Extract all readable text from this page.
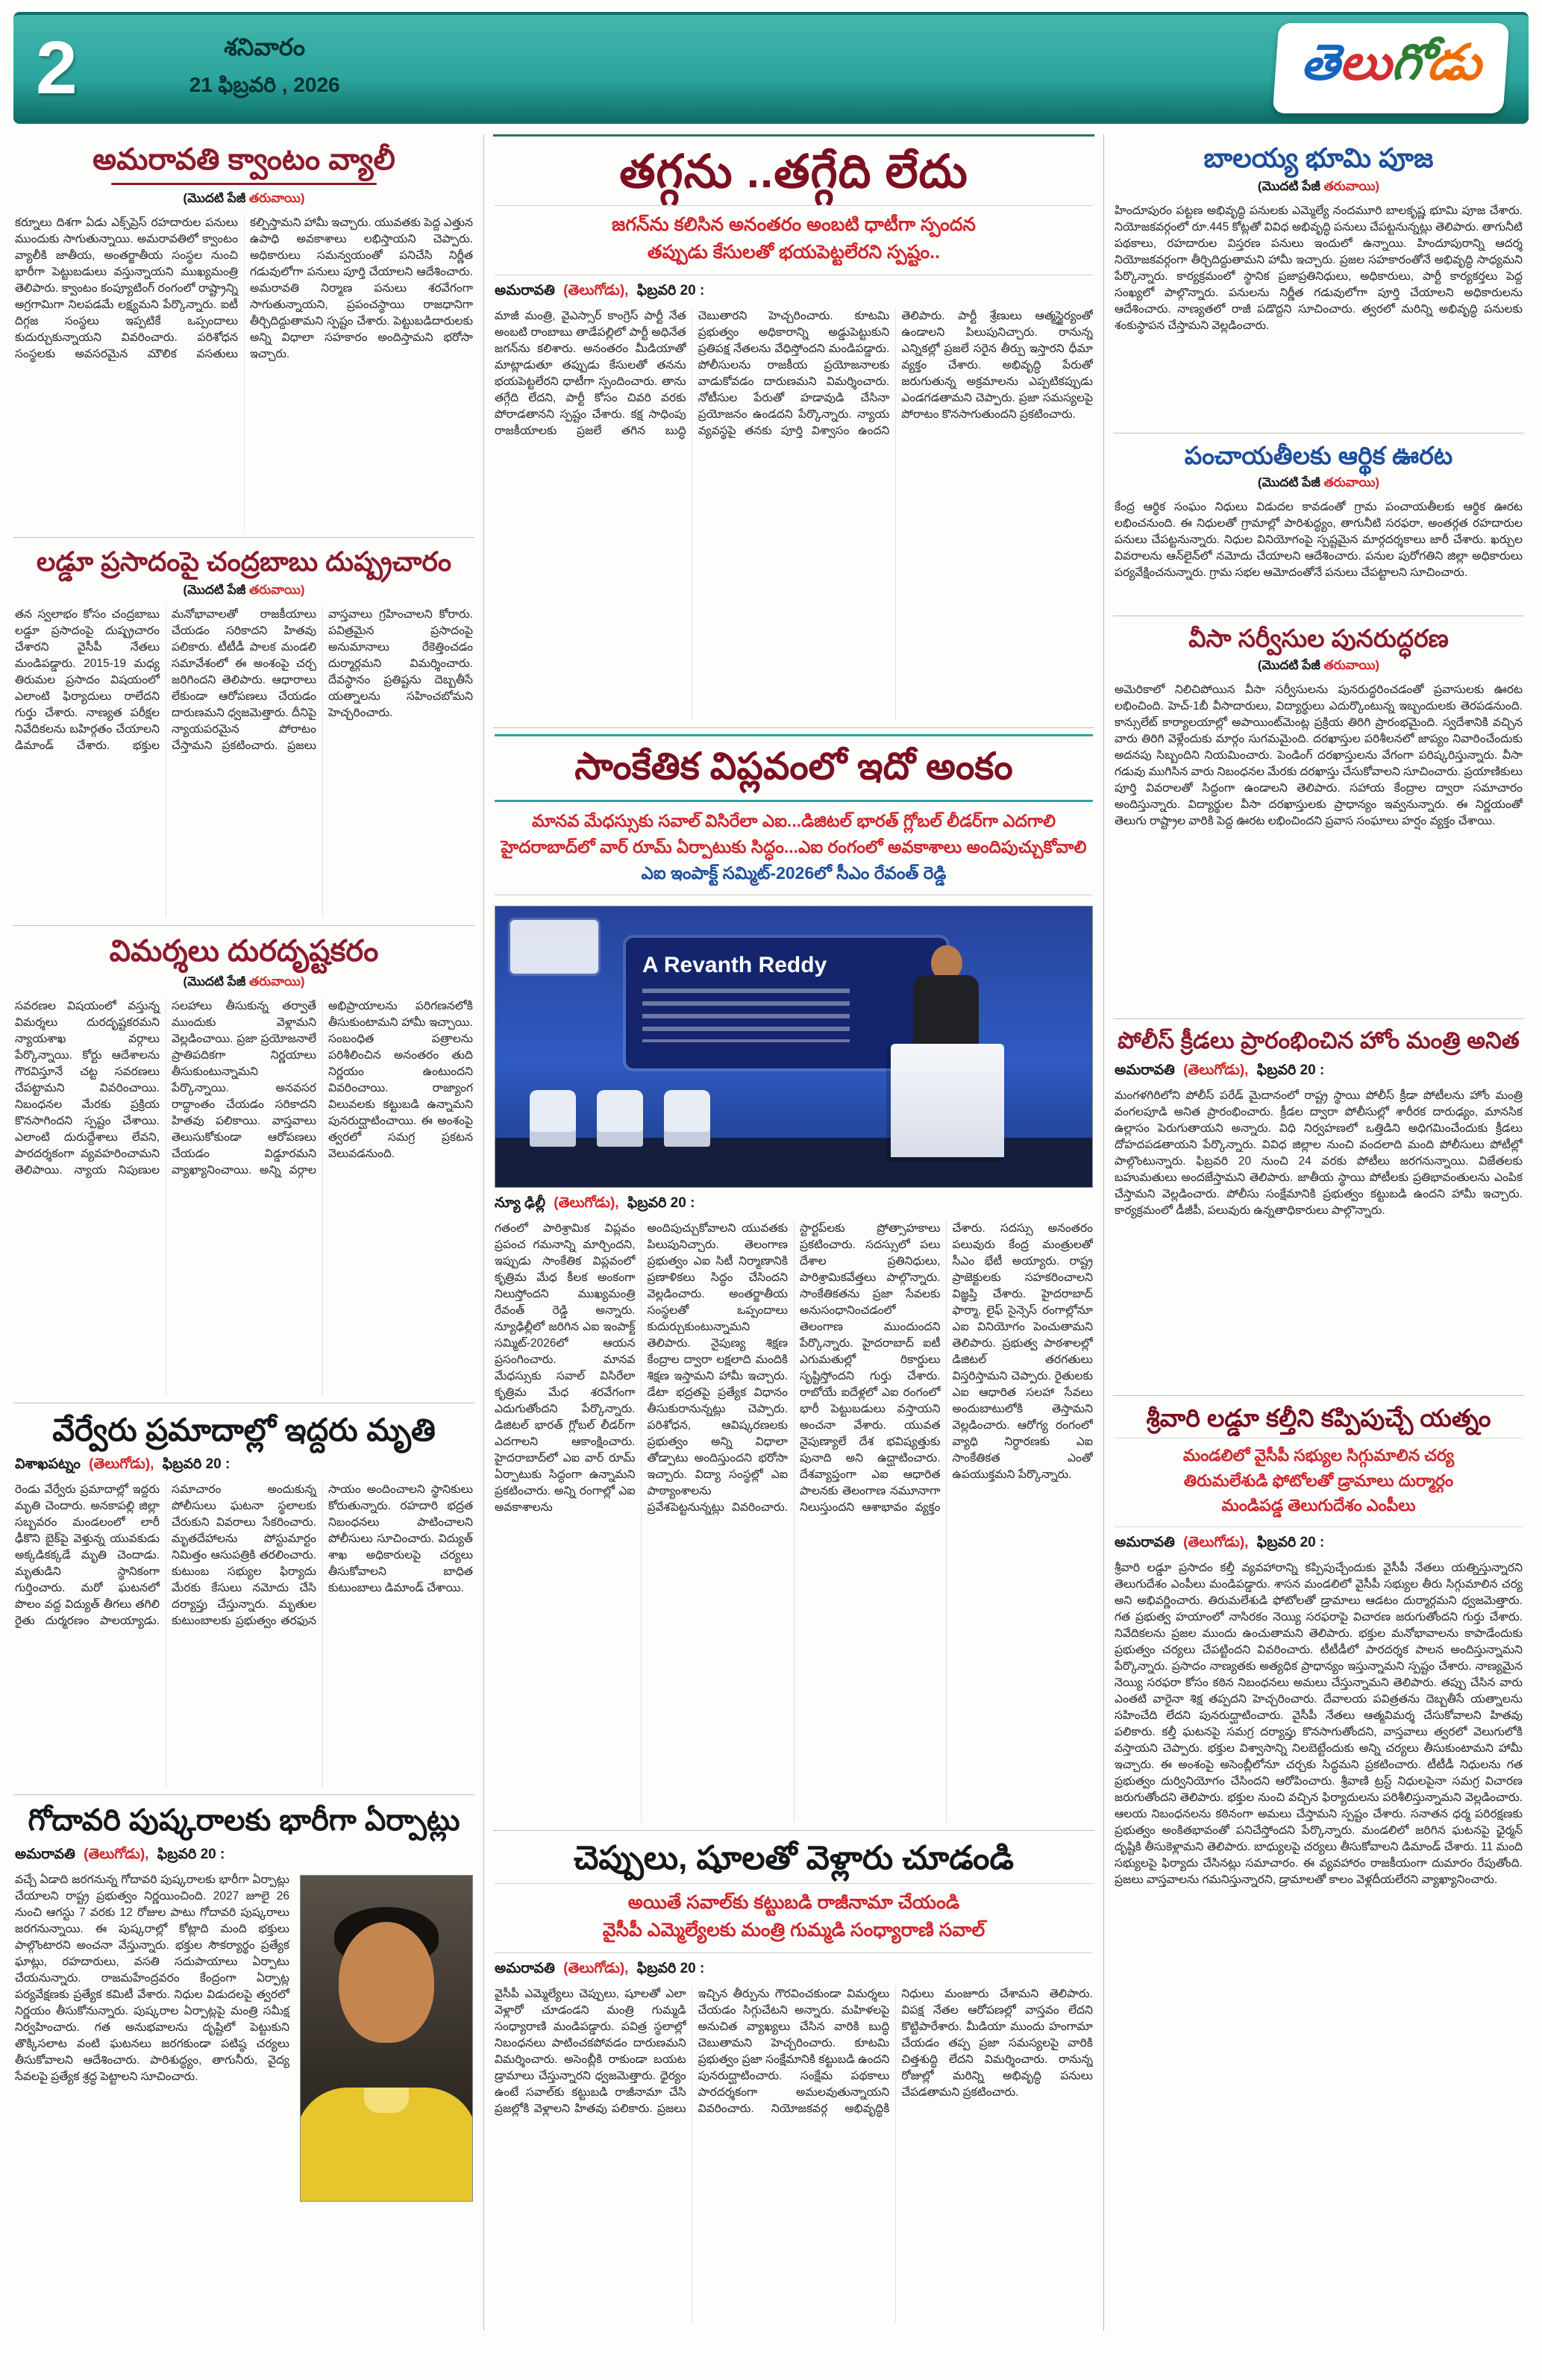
2	శనివారం
21 ఫిబ్రవరి , 2026	తెలుగోడు
అమరావతి క్వాంటం వ్యాలీ
(మొదటి పేజీ తరువాయి)
కర్నూలు దిశగా ఏడు ఎక్స్‌ప్రెస్ రహదారుల పనులు ముందుకు సాగుతున్నాయి. అమరావతిలో క్వాంటం వ్యాలీకి జాతీయ, అంతర్జాతీయ సంస్థల నుంచి భారీగా పెట్టుబడులు వస్తున్నాయని ముఖ్యమంత్రి తెలిపారు. క్వాంటం కంప్యూటింగ్ రంగంలో రాష్ట్రాన్ని అగ్రగామిగా నిలపడమే లక్ష్యమని పేర్కొన్నారు. ఐటీ దిగ్గజ సంస్థలు ఇప్పటికే ఒప్పందాలు కుదుర్చుకున్నాయని వివరించారు. పరిశోధన సంస్థలకు అవసరమైన మౌలిక వసతులు కల్పిస్తామని హామీ ఇచ్చారు. యువతకు పెద్ద ఎత్తున ఉపాధి అవకాశాలు లభిస్తాయని చెప్పారు. అధికారులు సమన్వయంతో పనిచేసి నిర్ణీత గడువులోగా పనులు పూర్తి చేయాలని ఆదేశించారు. అమరావతి నిర్మాణ పనులు శరవేగంగా సాగుతున్నాయని, ప్రపంచస్థాయి రాజధానిగా తీర్చిదిద్దుతామని స్పష్టం చేశారు. పెట్టుబడిదారులకు అన్ని విధాలా సహకారం అందిస్తామని భరోసా ఇచ్చారు.
లడ్డూ ప్రసాదంపై చంద్రబాబు దుష్ప్రచారం
(మొదటి పేజీ తరువాయి)
తన స్వలాభం కోసం చంద్రబాబు లడ్డూ ప్రసాదంపై దుష్ప్రచారం చేశారని వైసీపీ నేతలు మండిపడ్డారు. 2015-19 మధ్య తిరుమల ప్రసాదం విషయంలో ఎలాంటి ఫిర్యాదులు రాలేదని గుర్తు చేశారు. నాణ్యత పరీక్షల నివేదికలను బహిర్గతం చేయాలని డిమాండ్ చేశారు. భక్తుల మనోభావాలతో రాజకీయాలు చేయడం సరికాదని హితవు పలికారు. టీటీడీ పాలక మండలి సమావేశంలో ఈ అంశంపై చర్చ జరిగిందని తెలిపారు. ఆధారాలు లేకుండా ఆరోపణలు చేయడం దారుణమని ధ్వజమెత్తారు. దీనిపై న్యాయపరమైన పోరాటం చేస్తామని ప్రకటించారు. ప్రజలు వాస్తవాలు గ్రహించాలని కోరారు. పవిత్రమైన ప్రసాదంపై అనుమానాలు రేకెత్తించడం దుర్మార్గమని విమర్శించారు. దేవస్థానం ప్రతిష్టను దెబ్బతీసే యత్నాలను సహించబోమని హెచ్చరించారు.
విమర్శలు దురదృష్టకరం
(మొదటి పేజీ తరువాయి)
సవరణల విషయంలో వస్తున్న విమర్శలు దురదృష్టకరమని న్యాయశాఖ వర్గాలు పేర్కొన్నాయి. కోర్టు ఆదేశాలను గౌరవిస్తూనే చట్ట సవరణలు చేపట్టామని వివరించాయి. నిబంధనల మేరకు ప్రక్రియ కొనసాగిందని స్పష్టం చేశాయి. ఎలాంటి దురుద్దేశాలు లేవని, పారదర్శకంగా వ్యవహరించామని తెలిపాయి. న్యాయ నిపుణుల సలహాలు తీసుకున్న తర్వాతే ముందుకు వెళ్లామని వెల్లడించాయి. ప్రజా ప్రయోజనాలే ప్రాతిపదికగా నిర్ణయాలు తీసుకుంటున్నామని పేర్కొన్నాయి. అనవసర రాద్ధాంతం చేయడం సరికాదని హితవు పలికాయి. వాస్తవాలు తెలుసుకోకుండా ఆరోపణలు చేయడం విడ్డూరమని వ్యాఖ్యానించాయి. అన్ని వర్గాల అభిప్రాయాలను పరిగణనలోకి తీసుకుంటామని హామీ ఇచ్చాయి. సంబంధిత పత్రాలను పరిశీలించిన అనంతరం తుది నిర్ణయం ఉంటుందని వివరించాయి. రాజ్యాంగ విలువలకు కట్టుబడి ఉన్నామని పునరుద్ఘాటించాయి. ఈ అంశంపై త్వరలో సమగ్ర ప్రకటన వెలువడనుంది.
వేర్వేరు ప్రమాదాల్లో ఇద్దరు మృతి
విశాఖపట్నం (తెలుగోడు), ఫిబ్రవరి 20 :
రెండు వేర్వేరు ప్రమాదాల్లో ఇద్దరు మృతి చెందారు. అనకాపల్లి జిల్లా సబ్బవరం మండలంలో లారీ ఢీకొని బైక్‌పై వెళ్తున్న యువకుడు అక్కడికక్కడే మృతి చెందాడు. మృతుడిని స్థానికంగా గుర్తించారు. మరో ఘటనలో పొలం వద్ద విద్యుత్ తీగలు తగిలి రైతు దుర్మరణం పాలయ్యాడు. సమాచారం అందుకున్న పోలీసులు ఘటనా స్థలాలకు చేరుకుని వివరాలు సేకరించారు. మృతదేహాలను పోస్టుమార్టం నిమిత్తం ఆసుపత్రికి తరలించారు. కుటుంబ సభ్యుల ఫిర్యాదు మేరకు కేసులు నమోదు చేసి దర్యాప్తు చేస్తున్నారు. మృతుల కుటుంబాలకు ప్రభుత్వం తరఫున సాయం అందించాలని స్థానికులు కోరుతున్నారు. రహదారి భద్రత నిబంధనలు పాటించాలని పోలీసులు సూచించారు. విద్యుత్ శాఖ అధికారులపై చర్యలు తీసుకోవాలని బాధిత కుటుంబాలు డిమాండ్ చేశాయి.
గోదావరి పుష్కరాలకు భారీగా ఏర్పాట్లు
అమరావతి (తెలుగోడు), ఫిబ్రవరి 20 :
వచ్చే ఏడాది జరగనున్న గోదావరి పుష్కరాలకు భారీగా ఏర్పాట్లు చేయాలని రాష్ట్ర ప్రభుత్వం నిర్ణయించింది. 2027 జూలై 26 నుంచి ఆగస్టు 7 వరకు 12 రోజుల పాటు గోదావరి పుష్కరాలు జరగనున్నాయి. ఈ పుష్కరాల్లో కోట్లాది మంది భక్తులు పాల్గొంటారని అంచనా వేస్తున్నారు. భక్తుల సౌకర్యార్థం ప్రత్యేక ఘాట్లు, రహదారులు, వసతి సదుపాయాలు ఏర్పాటు చేయనున్నారు. రాజమహేంద్రవరం కేంద్రంగా ఏర్పాట్ల పర్యవేక్షణకు ప్రత్యేక కమిటీ వేశారు. నిధుల విడుదలపై త్వరలో నిర్ణయం తీసుకోనున్నారు. పుష్కరాల ఏర్పాట్లపై మంత్రి సమీక్ష నిర్వహించారు. గత అనుభవాలను దృష్టిలో పెట్టుకుని తొక్కిసలాట వంటి ఘటనలు జరగకుండా పటిష్ఠ చర్యలు తీసుకోవాలని ఆదేశించారు. పారిశుద్ధ్యం, తాగునీరు, వైద్య సేవలపై ప్రత్యేక శ్రద్ధ పెట్టాలని సూచించారు.
తగ్గను ..తగ్గేది లేదు
జగన్‌ను కలిసిన అనంతరం అంబటి ధాటీగా స్పందన
తప్పుడు కేసులతో భయపెట్టలేరని స్పష్టం..
అమరావతి (తెలుగోడు), ఫిబ్రవరి 20 :
మాజీ మంత్రి, వైఎస్సార్ కాంగ్రెస్ పార్టీ నేత అంబటి రాంబాబు తాడేపల్లిలో పార్టీ అధినేత జగన్‌ను కలిశారు. అనంతరం మీడియాతో మాట్లాడుతూ తప్పుడు కేసులతో తనను భయపెట్టలేరని ధాటీగా స్పందించారు. తాను తగ్గేది లేదని, పార్టీ కోసం చివరి వరకు పోరాడతానని స్పష్టం చేశారు. కక్ష సాధింపు రాజకీయాలకు ప్రజలే తగిన బుద్ధి చెబుతారని హెచ్చరించారు. కూటమి ప్రభుత్వం అధికారాన్ని అడ్డుపెట్టుకుని ప్రతిపక్ష నేతలను వేధిస్తోందని మండిపడ్డారు. పోలీసులను రాజకీయ ప్రయోజనాలకు వాడుకోవడం దారుణమని విమర్శించారు. నోటీసుల పేరుతో హడావుడి చేసినా ప్రయోజనం ఉండదని పేర్కొన్నారు. న్యాయ వ్యవస్థపై తనకు పూర్తి విశ్వాసం ఉందని తెలిపారు. పార్టీ శ్రేణులు ఆత్మస్థైర్యంతో ఉండాలని పిలుపునిచ్చారు. రానున్న ఎన్నికల్లో ప్రజలే సరైన తీర్పు ఇస్తారని ధీమా వ్యక్తం చేశారు. అభివృద్ధి పేరుతో జరుగుతున్న అక్రమాలను ఎప్పటికప్పుడు ఎండగడతామని చెప్పారు. ప్రజా సమస్యలపై పోరాటం కొనసాగుతుందని ప్రకటించారు.
సాంకేతిక విప్లవంలో ఇదో అంకం
మానవ మేధస్సుకు సవాల్ విసిరేలా ఎఐ...డిజిటల్ భారత్ గ్లోబల్ లీడర్‌గా ఎదగాలి
హైదరాబాద్‌లో వార్ రూమ్ ఏర్పాటుకు సిద్ధం...ఎఐ రంగంలో అవకాశాలు అందిపుచ్చుకోవాలి
ఎఐ ఇంపాక్ట్ సమ్మిట్-2026లో సీఎం రేవంత్ రెడ్డి
A Revanth Reddy
న్యూ ఢిల్లీ (తెలుగోడు), ఫిబ్రవరి 20 :
గతంలో పారిశ్రామిక విప్లవం ప్రపంచ గమనాన్ని మార్చిందని, ఇప్పుడు సాంకేతిక విప్లవంలో కృత్రిమ మేధ కీలక అంకంగా నిలుస్తోందని ముఖ్యమంత్రి రేవంత్ రెడ్డి అన్నారు. న్యూఢిల్లీలో జరిగిన ఎఐ ఇంపాక్ట్ సమ్మిట్-2026లో ఆయన ప్రసంగించారు. మానవ మేధస్సుకు సవాల్ విసిరేలా కృత్రిమ మేధ శరవేగంగా ఎదుగుతోందని పేర్కొన్నారు. డిజిటల్ భారత్ గ్లోబల్ లీడర్‌గా ఎదగాలని ఆకాంక్షించారు. హైదరాబాద్‌లో ఎఐ వార్ రూమ్ ఏర్పాటుకు సిద్ధంగా ఉన్నామని ప్రకటించారు. అన్ని రంగాల్లో ఎఐ అవకాశాలను అందిపుచ్చుకోవాలని యువతకు పిలుపునిచ్చారు. తెలంగాణ ప్రభుత్వం ఎఐ సిటీ నిర్మాణానికి ప్రణాళికలు సిద్ధం చేసిందని వెల్లడించారు. అంతర్జాతీయ సంస్థలతో ఒప్పందాలు కుదుర్చుకుంటున్నామని తెలిపారు. నైపుణ్య శిక్షణ కేంద్రాల ద్వారా లక్షలాది మందికి శిక్షణ ఇస్తామని హామీ ఇచ్చారు. డేటా భద్రతపై ప్రత్యేక విధానం తీసుకురానున్నట్లు చెప్పారు. పరిశోధన, ఆవిష్కరణలకు ప్రభుత్వం అన్ని విధాలా తోడ్పాటు అందిస్తుందని భరోసా ఇచ్చారు. విద్యా సంస్థల్లో ఎఐ పాఠ్యాంశాలను ప్రవేశపెట్టనున్నట్లు వివరించారు. స్టార్టప్‌లకు ప్రోత్సాహకాలు ప్రకటించారు. సదస్సులో పలు దేశాల ప్రతినిధులు, పారిశ్రామికవేత్తలు పాల్గొన్నారు. సాంకేతికతను ప్రజా సేవలకు అనుసంధానించడంలో తెలంగాణ ముందుందని పేర్కొన్నారు. హైదరాబాద్ ఐటీ ఎగుమతుల్లో రికార్డులు సృష్టిస్తోందని గుర్తు చేశారు. రాబోయే ఐదేళ్లలో ఎఐ రంగంలో భారీ పెట్టుబడులు వస్తాయని అంచనా వేశారు. యువత నైపుణ్యాలే దేశ భవిష్యత్తుకు పునాది అని ఉద్ఘాటించారు. దేశవ్యాప్తంగా ఎఐ ఆధారిత పాలనకు తెలంగాణ నమూనాగా నిలుస్తుందని ఆశాభావం వ్యక్తం చేశారు. సదస్సు అనంతరం పలువురు కేంద్ర మంత్రులతో సీఎం భేటీ అయ్యారు. రాష్ట్ర ప్రాజెక్టులకు సహకరించాలని విజ్ఞప్తి చేశారు. హైదరాబాద్ ఫార్మా, లైఫ్ సైన్సెస్ రంగాల్లోనూ ఎఐ వినియోగం పెంచుతామని తెలిపారు. ప్రభుత్వ పాఠశాలల్లో డిజిటల్ తరగతులు విస్తరిస్తామని చెప్పారు. రైతులకు ఎఐ ఆధారిత సలహా సేవలు అందుబాటులోకి తెస్తామని వెల్లడించారు. ఆరోగ్య రంగంలో వ్యాధి నిర్ధారణకు ఎఐ సాంకేతికత ఎంతో ఉపయుక్తమని పేర్కొన్నారు.
చెప్పులు, షూలతో వెళ్లారు చూడండి
అయితే సవాల్‌కు కట్టుబడి రాజీనామా చేయండి
వైసీపీ ఎమ్మెల్యేలకు మంత్రి గుమ్మడి సంధ్యారాణి సవాల్
అమరావతి (తెలుగోడు), ఫిబ్రవరి 20 :
వైసీపీ ఎమ్మెల్యేలు చెప్పులు, షూలతో ఎలా వెళ్లారో చూడండని మంత్రి గుమ్మడి సంధ్యారాణి మండిపడ్డారు. పవిత్ర స్థలాల్లో నిబంధనలు పాటించకపోవడం దారుణమని విమర్శించారు. అసెంబ్లీకి రాకుండా బయట డ్రామాలు చేస్తున్నారని ధ్వజమెత్తారు. ధైర్యం ఉంటే సవాల్‌కు కట్టుబడి రాజీనామా చేసి ప్రజల్లోకి వెళ్లాలని హితవు పలికారు. ప్రజలు ఇచ్చిన తీర్పును గౌరవించకుండా విమర్శలు చేయడం సిగ్గుచేటని అన్నారు. మహిళలపై అనుచిత వ్యాఖ్యలు చేసిన వారికి బుద్ధి చెబుతామని హెచ్చరించారు. కూటమి ప్రభుత్వం ప్రజా సంక్షేమానికి కట్టుబడి ఉందని పునరుద్ఘాటించారు. సంక్షేమ పథకాలు పారదర్శకంగా అమలవుతున్నాయని వివరించారు. నియోజకవర్గ అభివృద్ధికి నిధులు మంజూరు చేశామని తెలిపారు. విపక్ష నేతల ఆరోపణల్లో వాస్తవం లేదని కొట్టిపారేశారు. మీడియా ముందు హంగామా చేయడం తప్ప ప్రజా సమస్యలపై వారికి చిత్తశుద్ధి లేదని విమర్శించారు. రానున్న రోజుల్లో మరిన్ని అభివృద్ధి పనులు చేపడతామని ప్రకటించారు.
బాలయ్య భూమి పూజ
(మొదటి పేజీ తరువాయి)
హిందూపురం పట్టణ అభివృద్ధి పనులకు ఎమ్మెల్యే నందమూరి బాలకృష్ణ భూమి పూజ చేశారు. నియోజకవర్గంలో రూ.445 కోట్లతో వివిధ అభివృద్ధి పనులు చేపట్టనున్నట్లు తెలిపారు. తాగునీటి పథకాలు, రహదారుల విస్తరణ పనులు ఇందులో ఉన్నాయి. హిందూపురాన్ని ఆదర్శ నియోజకవర్గంగా తీర్చిదిద్దుతామని హామీ ఇచ్చారు. ప్రజల సహకారంతోనే అభివృద్ధి సాధ్యమని పేర్కొన్నారు. కార్యక్రమంలో స్థానిక ప్రజాప్రతినిధులు, అధికారులు, పార్టీ కార్యకర్తలు పెద్ద సంఖ్యలో పాల్గొన్నారు. పనులను నిర్ణీత గడువులోగా పూర్తి చేయాలని అధికారులను ఆదేశించారు. నాణ్యతలో రాజీ పడొద్దని సూచించారు. త్వరలో మరిన్ని అభివృద్ధి పనులకు శంకుస్థాపన చేస్తామని వెల్లడించారు.
పంచాయతీలకు ఆర్థిక ఊరట
(మొదటి పేజీ తరువాయి)
కేంద్ర ఆర్థిక సంఘం నిధులు విడుదల కావడంతో గ్రామ పంచాయతీలకు ఆర్థిక ఊరట లభించనుంది. ఈ నిధులతో గ్రామాల్లో పారిశుద్ధ్యం, తాగునీటి సరఫరా, అంతర్గత రహదారుల పనులు చేపట్టనున్నారు. నిధుల వినియోగంపై స్పష్టమైన మార్గదర్శకాలు జారీ చేశారు. ఖర్చుల వివరాలను ఆన్‌లైన్‌లో నమోదు చేయాలని ఆదేశించారు. పనుల పురోగతిని జిల్లా అధికారులు పర్యవేక్షించనున్నారు. గ్రామ సభల ఆమోదంతోనే పనులు చేపట్టాలని సూచించారు.
వీసా సర్వీసుల పునరుద్ధరణ
(మొదటి పేజీ తరువాయి)
అమెరికాలో నిలిచిపోయిన వీసా సర్వీసులను పునరుద్ధరించడంతో ప్రవాసులకు ఊరట లభించింది. హెచ్-1బీ వీసాదారులు, విద్యార్థులు ఎదుర్కొంటున్న ఇబ్బందులకు తెరపడనుంది. కాన్సులేట్ కార్యాలయాల్లో అపాయింట్‌మెంట్ల ప్రక్రియ తిరిగి ప్రారంభమైంది. స్వదేశానికి వచ్చిన వారు తిరిగి వెళ్లేందుకు మార్గం సుగమమైంది. దరఖాస్తుల పరిశీలనలో జాప్యం నివారించేందుకు అదనపు సిబ్బందిని నియమించారు. పెండింగ్ దరఖాస్తులను వేగంగా పరిష్కరిస్తున్నారు. వీసా గడువు ముగిసిన వారు నిబంధనల మేరకు దరఖాస్తు చేసుకోవాలని సూచించారు. ప్రయాణికులు పూర్తి వివరాలతో సిద్ధంగా ఉండాలని తెలిపారు. సహాయ కేంద్రాల ద్వారా సమాచారం అందిస్తున్నారు. విద్యార్థుల వీసా దరఖాస్తులకు ప్రాధాన్యం ఇవ్వనున్నారు. ఈ నిర్ణయంతో తెలుగు రాష్ట్రాల వారికి పెద్ద ఊరట లభించిందని ప్రవాస సంఘాలు హర్షం వ్యక్తం చేశాయి.
పోలీస్ క్రీడలు ప్రారంభించిన హోం మంత్రి అనిత
అమరావతి (తెలుగోడు), ఫిబ్రవరి 20 :
మంగళగిరిలోని పోలీస్ పరేడ్ మైదానంలో రాష్ట్ర స్థాయి పోలీస్ క్రీడా పోటీలను హోం మంత్రి వంగలపూడి అనిత ప్రారంభించారు. క్రీడల ద్వారా పోలీసుల్లో శారీరక దారుఢ్యం, మానసిక ఉల్లాసం పెరుగుతాయని అన్నారు. విధి నిర్వహణలో ఒత్తిడిని అధిగమించేందుకు క్రీడలు దోహదపడతాయని పేర్కొన్నారు. వివిధ జిల్లాల నుంచి వందలాది మంది పోలీసులు పోటీల్లో పాల్గొంటున్నారు. ఫిబ్రవరి 20 నుంచి 24 వరకు పోటీలు జరగనున్నాయి. విజేతలకు బహుమతులు అందజేస్తామని తెలిపారు. జాతీయ స్థాయి పోటీలకు ప్రతిభావంతులను ఎంపిక చేస్తామని వెల్లడించారు. పోలీసు సంక్షేమానికి ప్రభుత్వం కట్టుబడి ఉందని హామీ ఇచ్చారు. కార్యక్రమంలో డీజీపీ, పలువురు ఉన్నతాధికారులు పాల్గొన్నారు.
శ్రీవారి లడ్డూ కల్తీని కప్పిపుచ్చే యత్నం
మండలిలో వైసీపీ సభ్యుల సిగ్గుమాలిన చర్య
తిరుమలేశుడి ఫోటోలతో డ్రామాలు దుర్మార్గం
మండిపడ్డ తెలుగుదేశం ఎంపీలు
అమరావతి (తెలుగోడు), ఫిబ్రవరి 20 :
శ్రీవారి లడ్డూ ప్రసాదం కల్తీ వ్యవహారాన్ని కప్పిపుచ్చేందుకు వైసీపీ నేతలు యత్నిస్తున్నారని తెలుగుదేశం ఎంపీలు మండిపడ్డారు. శాసన మండలిలో వైసీపీ సభ్యుల తీరు సిగ్గుమాలిన చర్య అని అభివర్ణించారు. తిరుమలేశుడి ఫోటోలతో డ్రామాలు ఆడటం దుర్మార్గమని ధ్వజమెత్తారు. గత ప్రభుత్వ హయాంలో నాసిరకం నెయ్యి సరఫరాపై విచారణ జరుగుతోందని గుర్తు చేశారు. నివేదికలను ప్రజల ముందు ఉంచుతామని తెలిపారు. భక్తుల మనోభావాలను కాపాడేందుకు ప్రభుత్వం చర్యలు చేపట్టిందని వివరించారు. టీటీడీలో పారదర్శక పాలన అందిస్తున్నామని పేర్కొన్నారు. ప్రసాదం నాణ్యతకు అత్యధిక ప్రాధాన్యం ఇస్తున్నామని స్పష్టం చేశారు. నాణ్యమైన నెయ్యి సరఫరా కోసం కఠిన నిబంధనలు అమలు చేస్తున్నామని తెలిపారు. తప్పు చేసిన వారు ఎంతటి వారైనా శిక్ష తప్పదని హెచ్చరించారు. దేవాలయ పవిత్రతను దెబ్బతీసే యత్నాలను సహించేది లేదని పునరుద్ఘాటించారు. వైసీపీ నేతలు ఆత్మవిమర్శ చేసుకోవాలని హితవు పలికారు. కల్తీ ఘటనపై సమగ్ర దర్యాప్తు కొనసాగుతోందని, వాస్తవాలు త్వరలో వెలుగులోకి వస్తాయని చెప్పారు. భక్తుల విశ్వాసాన్ని నిలబెట్టేందుకు అన్ని చర్యలు తీసుకుంటామని హామీ ఇచ్చారు. ఈ అంశంపై అసెంబ్లీలోనూ చర్చకు సిద్ధమని ప్రకటించారు. టీటీడీ నిధులను గత ప్రభుత్వం దుర్వినియోగం చేసిందని ఆరోపించారు. శ్రీవాణి ట్రస్ట్ నిధులపైనా సమగ్ర విచారణ జరుగుతోందని తెలిపారు. భక్తుల నుంచి వచ్చిన ఫిర్యాదులను పరిశీలిస్తున్నామని వెల్లడించారు. ఆలయ నిబంధనలను కఠినంగా అమలు చేస్తామని స్పష్టం చేశారు. సనాతన ధర్మ పరిరక్షణకు ప్రభుత్వం అంకితభావంతో పనిచేస్తోందని పేర్కొన్నారు. మండలిలో జరిగిన ఘటనపై ఛైర్మన్ దృష్టికి తీసుకెళ్లామని తెలిపారు. బాధ్యులపై చర్యలు తీసుకోవాలని డిమాండ్ చేశారు. 11 మంది సభ్యులపై ఫిర్యాదు చేసినట్లు సమాచారం. ఈ వ్యవహారం రాజకీయంగా దుమారం రేపుతోంది. ప్రజలు వాస్తవాలను గమనిస్తున్నారని, డ్రామాలతో కాలం వెళ్లదీయలేరని వ్యాఖ్యానించారు.
